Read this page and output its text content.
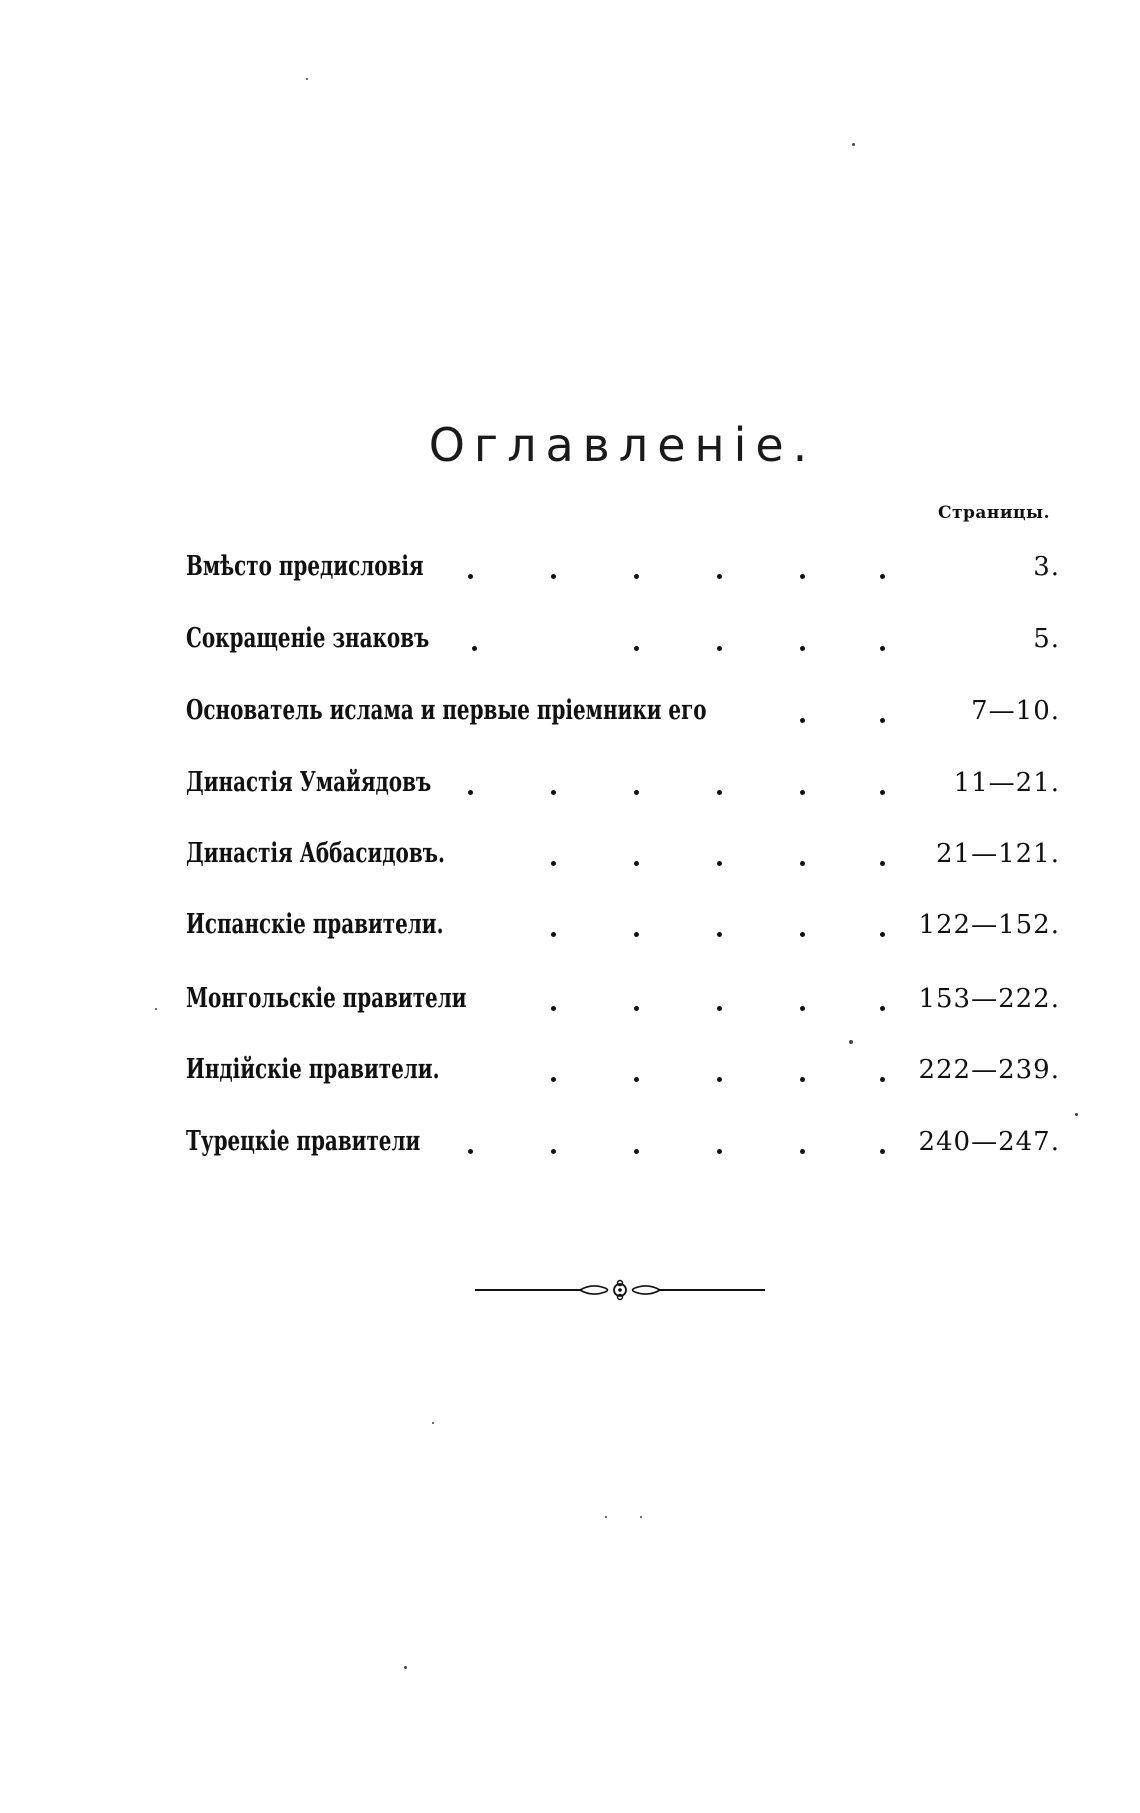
Оглавлeнie.
Страницы.
Вмѣсто предисловія	3.
Сокращеніе знаковъ	5.
Основатель ислама и первые пріемники его	7—10.
Династія Умайядовъ	11—21.
Династія Аббасидовъ.	21—121.
Испанскіе правители.	122—152.
Монгольскіе правители	153—222.
Индійскіе правители.	222—239.
Турецкіе правители	240—247.
